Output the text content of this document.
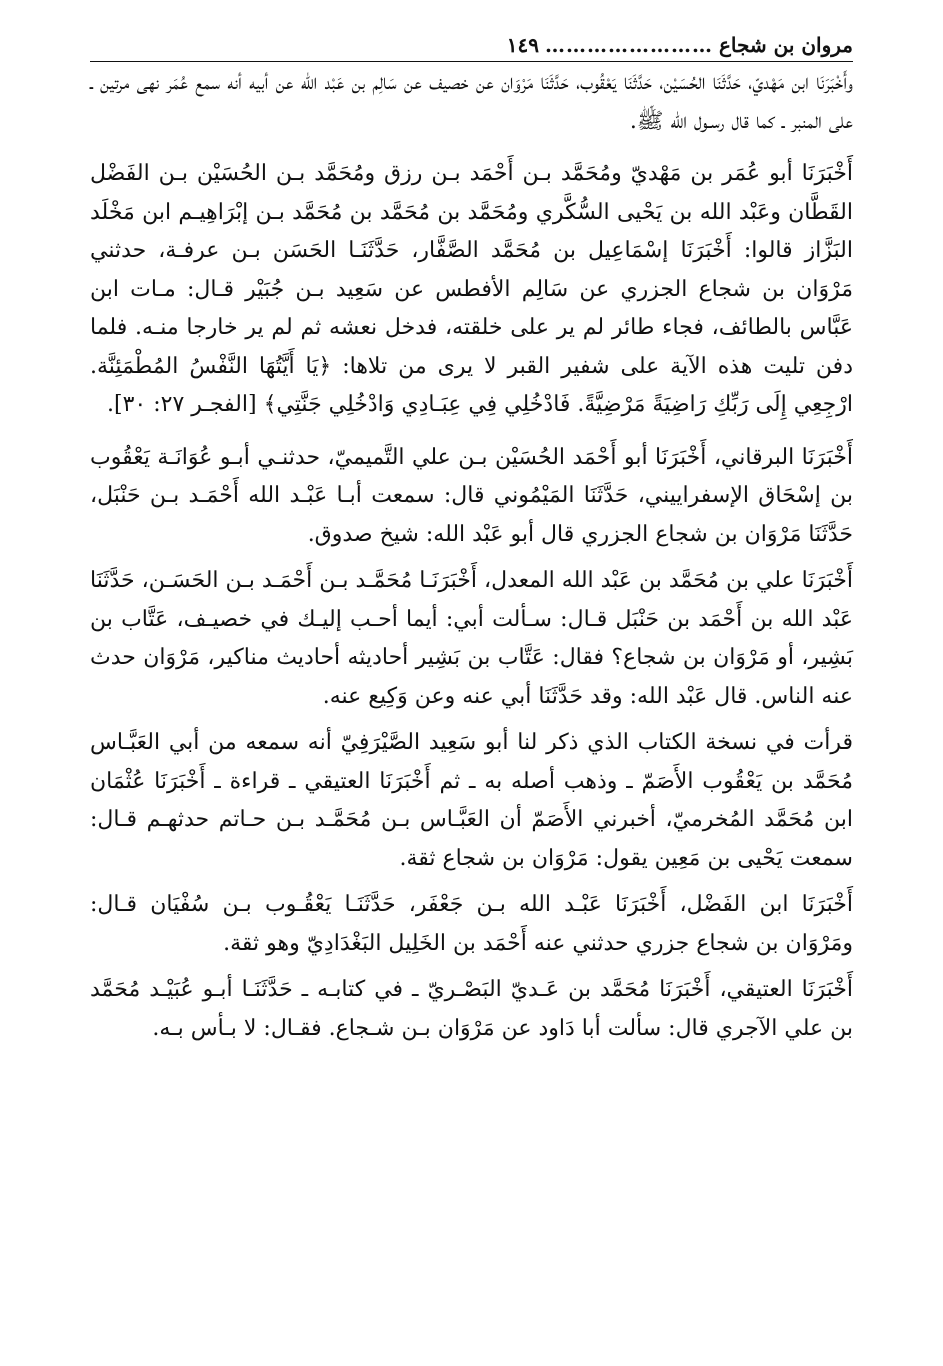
مروان بن شجاع
……………………
١٤٩

وأَخْبَرَنَا ابن مَهْديّ، حَدَّثَنَا الحُسَيْن، حَدَّثَنَا يَعْقُوب، حَدَّثَنَا مَرْوَان عن خصيف عن سَالِم بن عَبْد الله عن أبيه أنه سمع عُمَر نهى مرتين ـ على المنبر ـ كما قال رسـول الله ﷺ.

أَخْبَرَنَا أبو عُمَر بن مَهْديّ ومُحَمَّد بـن أَحْمَد بـن رزق ومُحَمَّد بـن الحُسَيْن بـن الفَضْل القَطَّان وعَبْد الله بن يَحْيى السُّكَّري ومُحَمَّد بن مُحَمَّد بن مُحَمَّد بـن إبْرَاهِيـم ابن مَخْلَد البَزَّاز قالوا: أَخْبَرَنَا إسْمَاعِيل بن مُحَمَّد الصَّفَّار، حَدَّثَنَـا الحَسَن بـن عرفـة، حدثني مَرْوَان بن شجاع الجزري عن سَالِم الأفطس عن سَعِيد بـن جُبَيْر قـال: مـات ابن عَبَّاس بالطائف، فجاء طائر لم ير على خلقته، فدخل نعشه ثم لم ير خارجا منـه. فلما دفن تليت هذه الآية على شفير القبر لا يرى من تلاها: ﴿يَا أَيَّتُهَا النَّفْسُ المُطْمَئِنَّة. ارْجِعِي إِلَى رَبِّكِ رَاضِيَةً مَرْضِيَّةً. فَادْخُلِي فِي عِبَـادِي وَادْخُلِي جَنَّتِي﴾ [الفجـر ٢٧: ٣٠].

أَخْبَرَنَا البرقاني، أَخْبَرَنَا أبو أَحْمَد الحُسَيْن بـن علي التَّميميّ، حدثنـي أبـو عُوَانَـة يَعْقُوب بن إسْحَاق الإسفراييني، حَدَّثَنَا المَيْمُوني قال: سمعت أبـا عَبْـد الله أَحْمَـد بـن حَنْبَل، حَدَّثَنَا مَرْوَان بن شجاع الجزري قال أبو عَبْد الله: شيخ صدوق.

أَخْبَرَنَا علي بن مُحَمَّد بن عَبْد الله المعدل، أَخْبَرَنَـا مُحَمَّـد بـن أَحْمَـد بـن الحَسَـن، حَدَّثَنَا عَبْد الله بن أَحْمَد بن حَنْبَل قـال: سـألت أبي: أيما أحـب إليـك في خصيـف، عَتَّاب بن بَشِير، أو مَرْوَان بن شجاع؟ فقال: عَتَّاب بن بَشِير أحاديثه أحاديث مناكير، مَرْوَان حدث عنه الناس. قال عَبْد الله: وقد حَدَّثَنَا أبي عنه وعن وَكِيع عنه.

قرأت في نسخة الكتاب الذي ذكر لنا أبو سَعِيد الصَّيْرَفِيّ أنه سمعه من أبي العَبَّـاس مُحَمَّد بن يَعْقُوب الأَصَمّ ـ وذهب أصله به ـ ثم أَخْبَرَنَا العتيقي ـ قراءة ـ أَخْبَرَنَا عُثْمَان ابن مُحَمَّد المُخرميّ، أخبرني الأَصَمّ أن العَبَّـاس بـن مُحَمَّـد بـن حـاتم حدثهـم قـال: سمعت يَحْيى بن مَعِين يقول: مَرْوَان بن شجاع ثقة.

أَخْبَرَنَا ابن الفَضْل، أَخْبَرَنَا عَبْـد الله بـن جَعْفَر، حَدَّثَنَـا يَعْقُـوب بـن سُفْيَان قـال: ومَرْوَان بن شجاع جزري حدثني عنه أَحْمَد بن الخَلِيل البَغْدَادِيّ وهو ثقة.

أَخْبَرَنَا العتيقي، أَخْبَرَنَا مُحَمَّد بن عَـديّ البَصْـريّ ـ في كتابـه ـ حَدَّثَنَـا أبـو عُبَيْـد مُحَمَّد بن علي الآجري قال: سألت أبا دَاود عن مَرْوَان بـن شـجاع. فقـال: لا بـأس بـه.
